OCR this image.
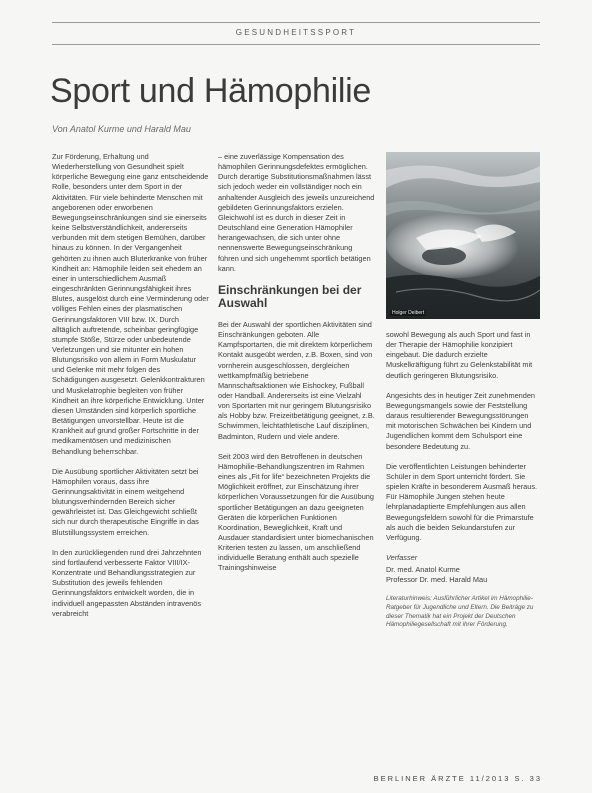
GESUNDHEITSSPORT
Sport und Hämophilie
Von Anatol Kurme und Harald Mau

Zur Förderung, Erhaltung und Wiederherstellung von Gesundheit spielt körperliche Bewegung eine ganz entscheidende Rolle, besonders unter dem Sport in der Aktivitäten. Für viele behinderte Menschen mit angeborenen oder erworbenen Bewegungseinschränkungen sind sie einerseits keine Selbstverständlichkeit, andererseits verbunden mit dem stetigen Bemühen, darüber hinaus zu können. In der Vergangenheit gehörten zu ihnen auch Bluterkranke von früher Kindheit an: Hämophile leiden seit ehedem an einer in unterschiedlichem Ausmaß eingeschränkten Gerinnungsfähigkeit ihres Blutes, ausgelöst durch eine Verminderung oder völliges Fehlen eines der plasmatischen Gerinnungsfaktoren VIII bzw. IX. Durch alltäglich auftretende, scheinbar geringfügige stumpfe Stöße, Stürze oder unbedeutende Verletzungen und sie mitunter ein hohen Blutungsrisiko von allem in Form Muskulatur und Gelenke mit mehr folgen des Schädigungen ausgesetzt. Gelenkkontrakturen und Muskelatrophie begleiten von früher Kindheit an ihre körperliche Entwicklung. Unter diesen Umständen sind körperlich sportliche Betätigungen unvorstellbar. Heute ist die Krankheit auf grund großer Fortschritte in der medikamentösen und medizinischen Behandlung beherrschbar.

Die Ausübung sportlicher Aktivitäten setzt bei Hämophilen voraus, dass ihre Gerinnungsaktivität in einem weitgehend blutungsverhindernden Bereich sicher gewährleistet ist. Das Gleichgewicht schließt sich nur durch therapeutische Eingriffe in das Blutstillungssystem erreichen.

In den zurückliegenden rund drei Jahrzehnten sind fortlaufend verbesserte Faktor VIII/IX-Konzentrate und Behandlungsstrategien zur Substitution des jeweils fehlenden Gerinnungsfaktors entwickelt worden, die in individuell angepassten Abständen intravenös verabreicht

– eine zuverlässige Kompensation des hämophilen Gerinnungsdefektes ermöglichen. Durch derartige Substitutionsmaßnahmen lässt sich jedoch weder ein vollständiger noch ein anhaltender Ausgleich des jeweils unzureichend gebildeten Gerinnungsfaktors erzielen. Gleichwohl ist es durch in dieser Zeit in Deutschland eine Generation Hämophiler herangewachsen, die sich unter ohne nennenswerte Bewegungseinschränkung führen und sich ungehemmt sportlich betätigen kann.

Einschränkungen bei der Auswahl

Bei der Auswahl der sportlichen Aktivitäten sind Einschränkungen geboten. Alle Kampfsportarten, die mit direktem körperlichem Kontakt ausgeübt werden, z.B. Boxen, sind von vornherein ausgeschlossen, dergleichen wettkampfmäßig betriebene Mannschaftsaktionen wie Eishockey, Fußball oder Handball. Andererseits ist eine Vielzahl von Sportarten mit nur geringem Blutungsrisiko als Hobby bzw. Freizeitbetätigung geeignet, z.B. Schwimmen, leichtathletische Lauf disziplinen, Badminton, Rudern und viele andere.

Seit 2003 wird den Betroffenen in deutschen Hämophilie-Behandlungszentren im Rahmen eines als „Fit for life“ bezeichneten Projekts die Möglichkeit eröffnet, zur Einschätzung ihrer körperlichen Voraussetzungen für die Ausübung sportlicher Betätigungen an dazu geeigneten Geräten die körperlichen Funktionen Koordination, Beweglichkeit, Kraft und Ausdauer standardisiert unter biomechanischen Kriterien testen zu lassen, um anschließend individuelle Beratung enthält auch spezielle Trainingshinweise

Holger Deibert

sowohl Bewegung als auch Sport und fast in der Therapie der Hämophilie konzipiert eingebaut. Die dadurch erzielte Muskelkräftigung führt zu Gelenkstabilität mit deutlich geringeren Blutungsrisiko.

Angesichts des in heutiger Zeit zunehmenden Bewegungsmangels sowie der Feststellung daraus resultierender Bewegungsstörungen mit motorischen Schwächen bei Kindern und Jugendlichen kommt dem Schulsport eine besondere Bedeutung zu.

Die veröffentlichten Leistungen behinderter Schüler in dem Sport unterricht fördert. Sie spielen Kräfte in besonderem Ausmaß heraus. Für Hämophile Jungen stehen heute lehrplanadaptierte Empfehlungen aus allen Bewegungsfeldern sowohl für die Primarstufe als auch die beiden Sekundarstufen zur Verfügung.

Verfasser

Dr. med. Anatol Kurme
Professor Dr. med. Harald Mau

Literaturhinweis: Ausführlicher Artikel im Hämophilie-Ratgeber für Jugendliche und Eltern. Die Beiträge zu dieser Thematik hat ein Projekt der Deutschen Hämophiliegesellschaft mit ihrer Förderung.

BERLINER ÄRZTE 11/2013 S. 33
